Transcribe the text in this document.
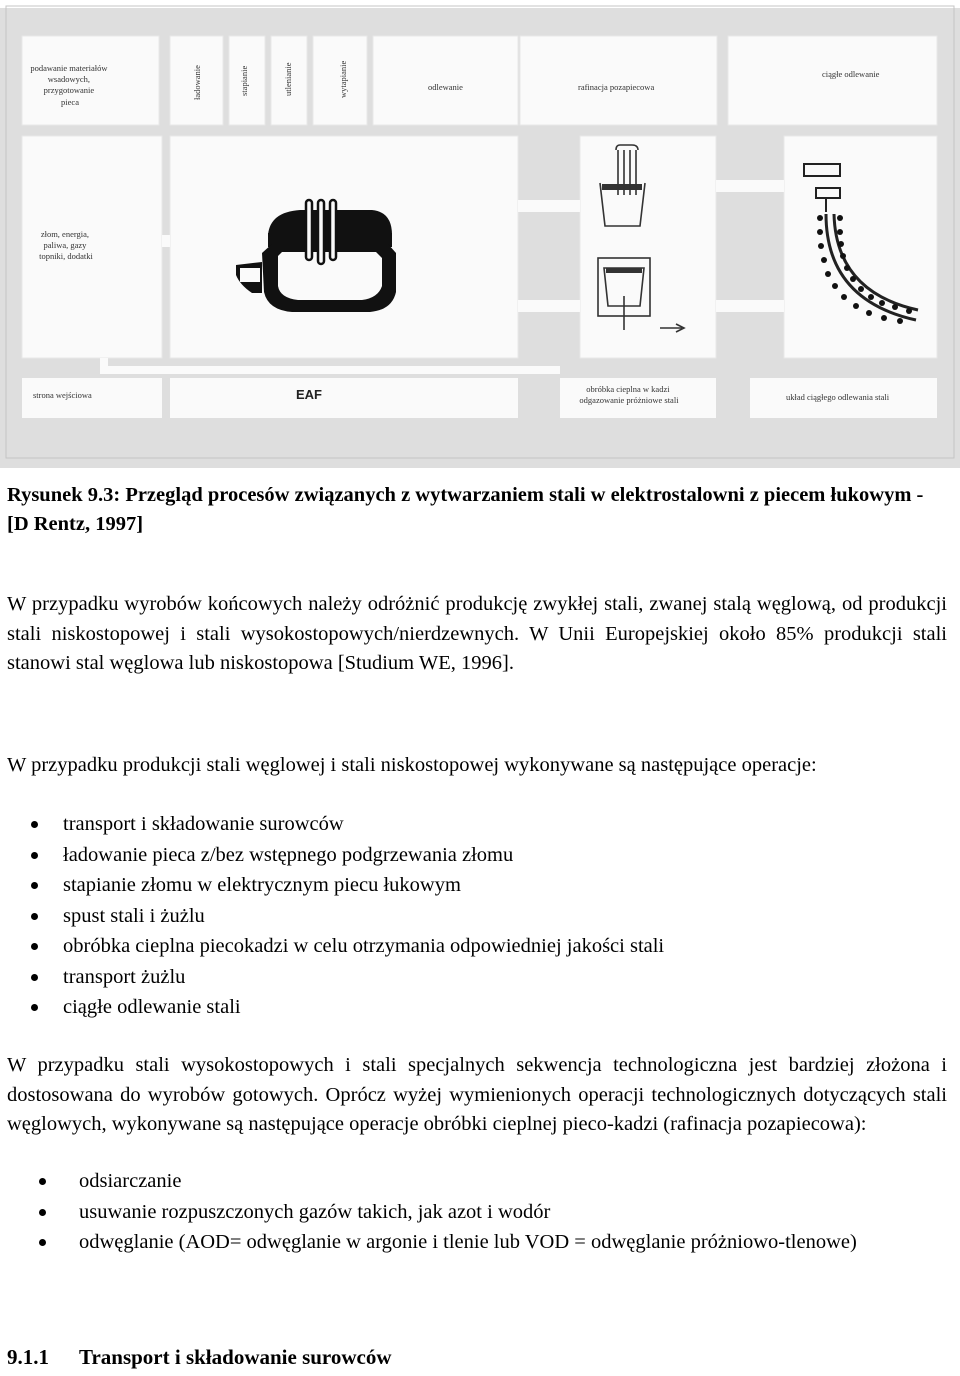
podawanie materiałów wsadowych, przygotowanie pieca
ładowanie	stapianie	utlenianie	wytapianie	odlewanie	rafinacja pozapiecowa
ciągłe odlewanie
złom, energia, paliwa, gazy topniki, dodatki
strona wejściowa	EAF	obróbka cieplna w kadzi odgazowanie próżniowe stali	układ ciągłego odlewania stali
Rysunek 9.3: Przegląd procesów związanych z wytwarzaniem stali w elektrostalowni z piecem łukowym - [D Rentz, 1997]

W przypadku wyrobów końcowych należy odróżnić produkcję zwykłej stali, zwanej stalą węglową, od produkcji stali niskostopowej i stali wysokostopowych/nierdzewnych. W Unii Europejskiej około 85% produkcji stali stanowi stal węglowa lub niskostopowa [Studium WE, 1996].

W przypadku produkcji stali węglowej i stali niskostopowej wykonywane są następujące operacje:

transport i składowanie surowców
ładowanie pieca z/bez wstępnego podgrzewania złomu
stapianie złomu w elektrycznym piecu łukowym
spust stali i żużlu
obróbka cieplna piecokadzi w celu otrzymania odpowiedniej jakości stali
transport żużlu
ciągłe odlewanie stali

W przypadku stali wysokostopowych i stali specjalnych sekwencja technologiczna jest bardziej złożona i dostosowana do wyrobów gotowych. Oprócz wyżej wymienionych operacji technologicznych dotyczących stali węglowych, wykonywane są następujące operacje obróbki cieplnej pieco-kadzi (rafinacja pozapiecowa):

odsiarczanie
usuwanie rozpuszczonych gazów takich, jak azot i wodór
odwęglanie (AOD= odwęglanie w argonie i tlenie lub VOD = odwęglanie próżniowo-tlenowe)
9.1.1 Transport i składowanie surowców
